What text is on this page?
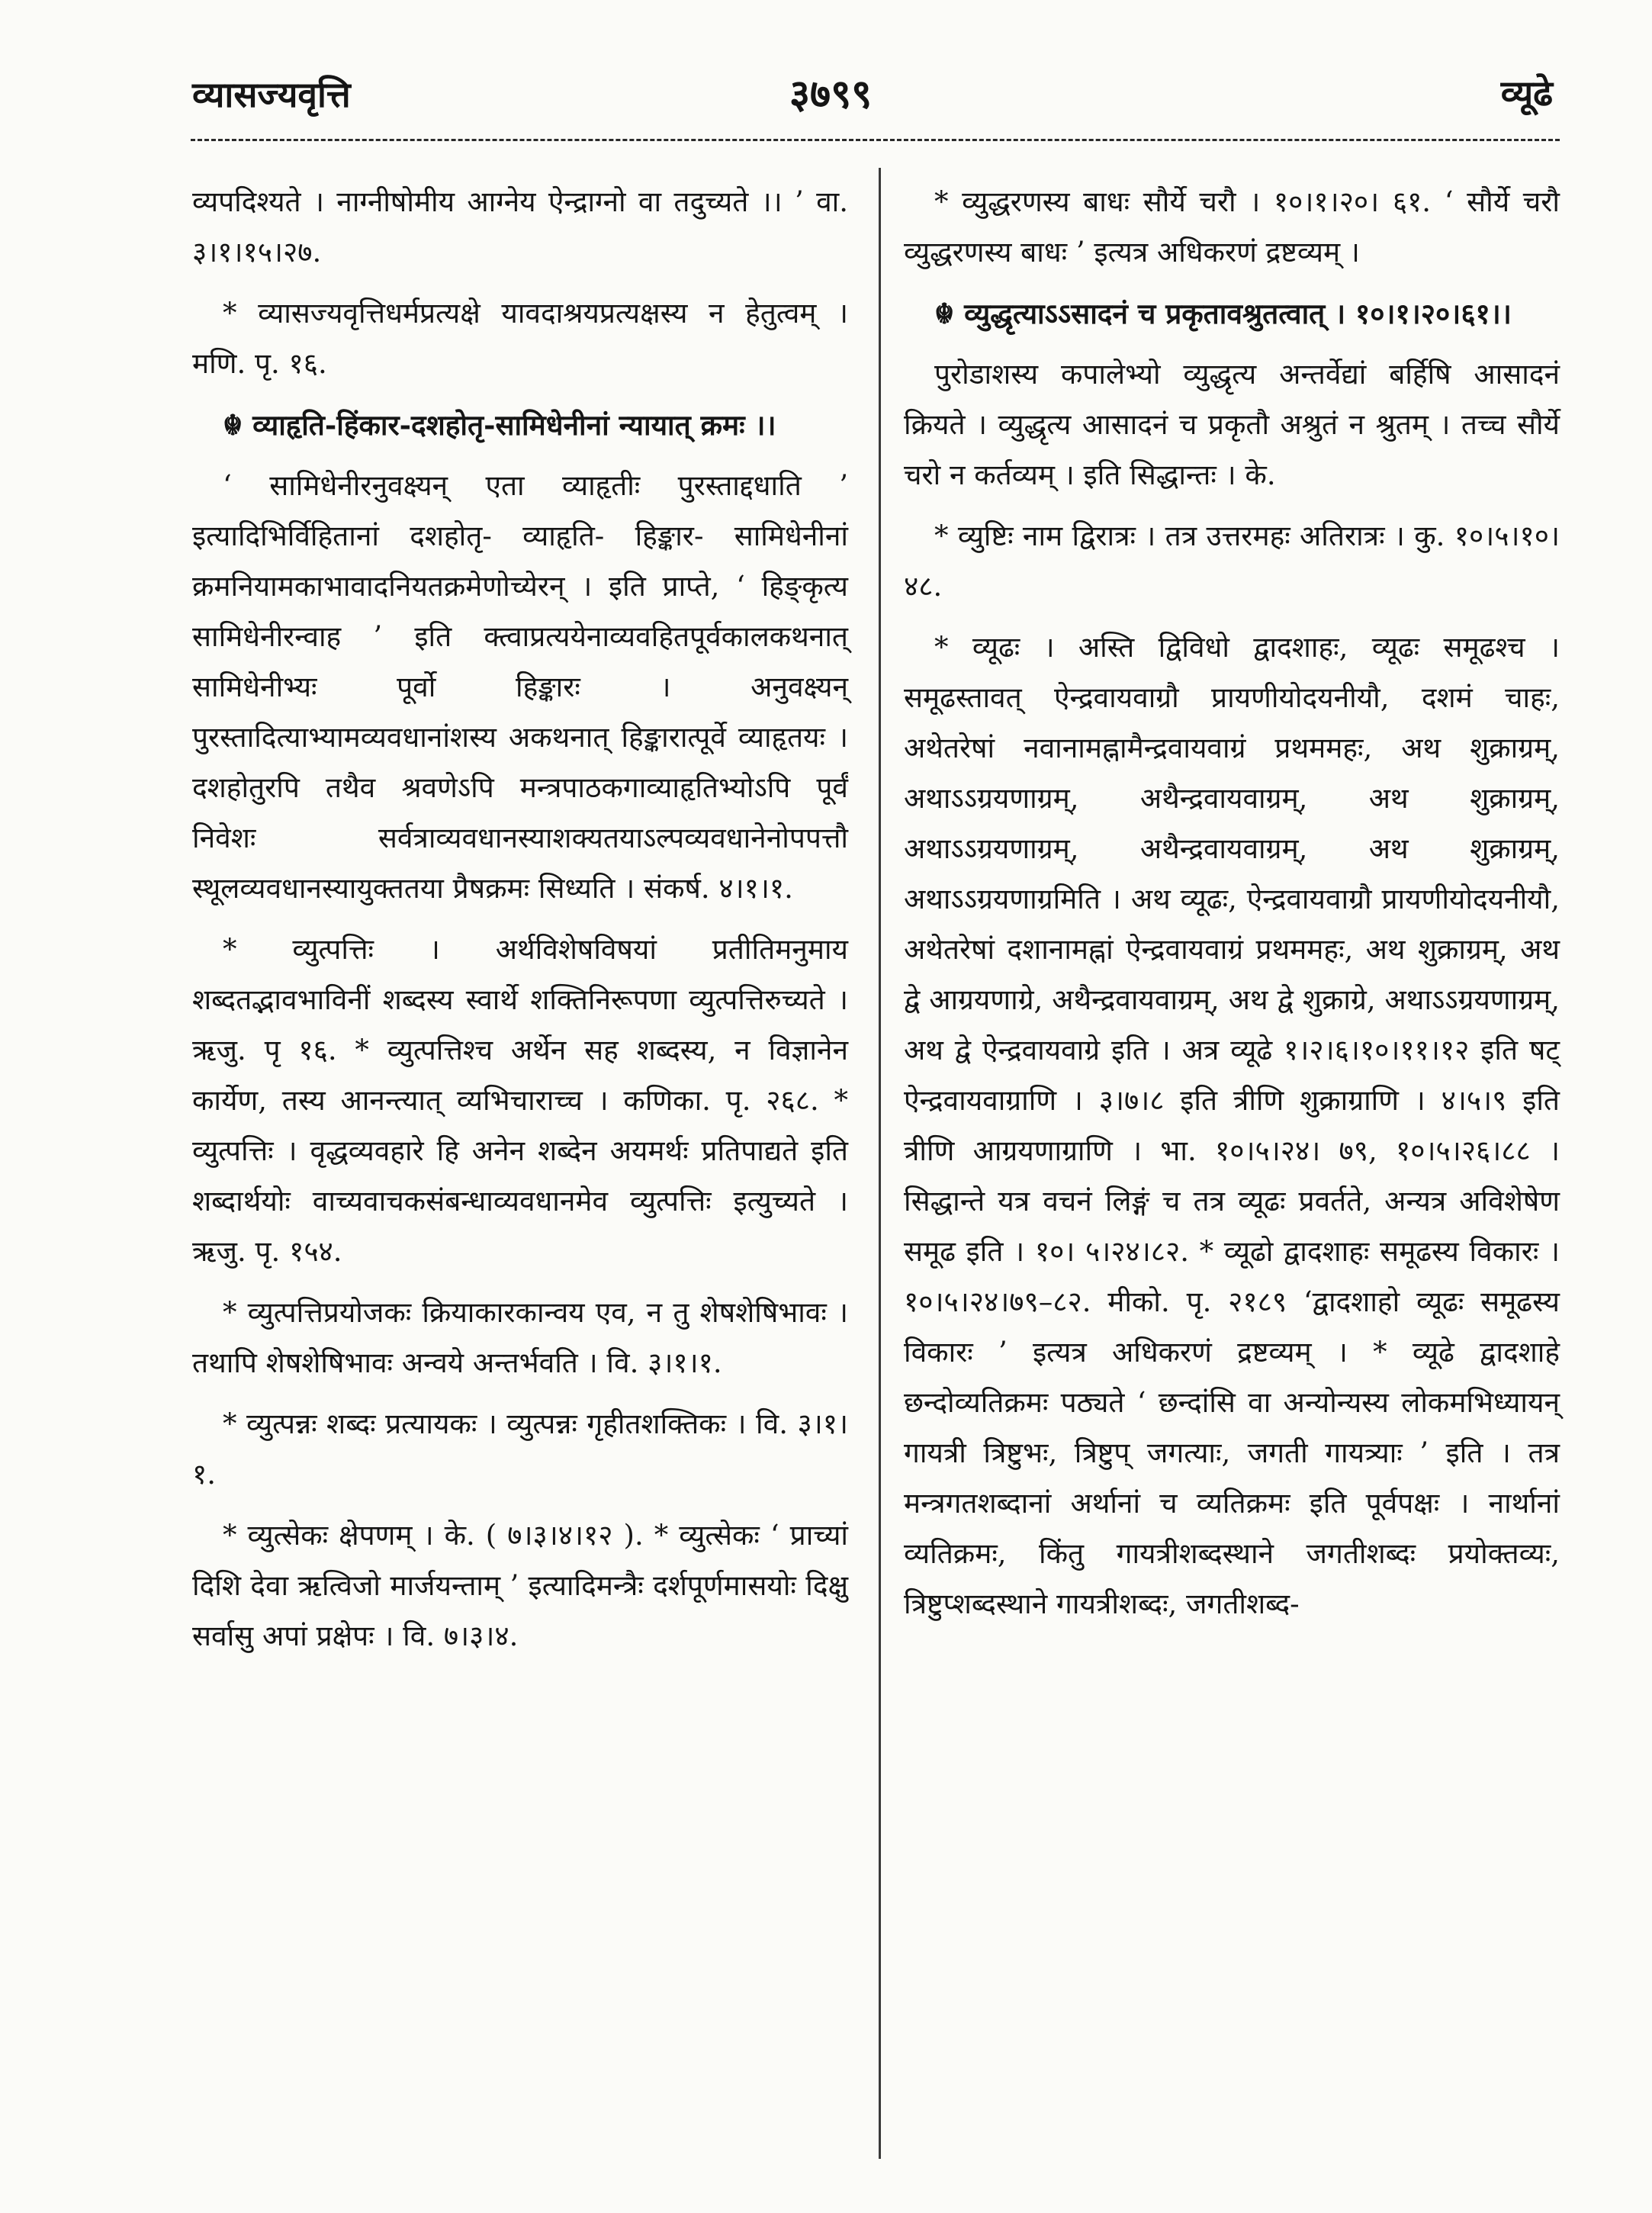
व्यासज्यवृत्ति	३७९९	व्यूढे

व्यपदिश्यते । नाग्नीषोमीय आग्नेय ऐन्द्राग्नो वा तदुच्यते ।। ’ वा. ३।१।१५।२७.

* व्यासज्यवृत्तिधर्मप्रत्यक्षे यावदाश्रयप्रत्यक्षस्य न हेतुत्वम् । मणि. पृ. १६.

☬ व्याहृति-हिंकार-दशहोतृ-सामिधेनीनां न्यायात् क्रमः ।।

‘ सामिधेनीरनुवक्ष्यन् एता व्याहृतीः पुरस्ताद्दधाति ’ इत्यादिभिर्विहितानां दशहोतृ- व्याहृति- हिङ्कार- सामिधेनीनां क्रमनियामकाभावादनियतक्रमेणोच्येरन् । इति प्राप्ते, ‘ हिङ्कृत्य सामिधेनीरन्वाह ’ इति क्त्वाप्रत्ययेनाव्यवहितपूर्वकालकथनात् सामिधेनीभ्यः पूर्वो हिङ्कारः । अनुवक्ष्यन् पुरस्तादित्याभ्यामव्यवधानांशस्य अकथनात् हिङ्कारात्पूर्वे व्याहृतयः । दशहोतुरपि तथैव श्रवणेऽपि मन्त्रपाठकगाव्याहृतिभ्योऽपि पूर्वं निवेशः सर्वत्राव्यवधानस्याशक्यतयाऽल्पव्यवधानेनोपपत्तौ स्थूलव्यवधानस्यायुक्ततया प्रैषक्रमः सिध्यति । संकर्ष. ४।१।१.

* व्युत्पत्तिः । अर्थविशेषविषयां प्रतीतिमनुमाय शब्दतद्भावभाविनीं शब्दस्य स्वार्थे शक्तिनिरूपणा व्युत्पत्तिरुच्यते । ऋजु. पृ १६. * व्युत्पत्तिश्च अर्थेन सह शब्दस्य, न विज्ञानेन कार्येण, तस्य आनन्त्यात् व्यभिचाराच्च । कणिका. पृ. २६८. * व्युत्पत्तिः । वृद्धव्यवहारे हि अनेन शब्देन अयमर्थः प्रतिपाद्यते इति शब्दार्थयोः वाच्यवाचकसंबन्धाव्यवधानमेव व्युत्पत्तिः इत्युच्यते । ऋजु. पृ. १५४.

* व्युत्पत्तिप्रयोजकः क्रियाकारकान्वय एव, न तु शेषशेषिभावः । तथापि शेषशेषिभावः अन्वये अन्तर्भवति । वि. ३।१।१.

* व्युत्पन्नः शब्दः प्रत्यायकः । व्युत्पन्नः गृहीतशक्तिकः । वि. ३।१।१.

* व्युत्सेकः क्षेपणम् । के. ( ७।३।४।१२ ). * व्युत्सेकः ‘ प्राच्यां दिशि देवा ऋत्विजो मार्जयन्ताम् ’ इत्यादिमन्त्रैः दर्शपूर्णमासयोः दिक्षु सर्वासु अपां प्रक्षेपः । वि. ७।३।४.

* व्युद्धरणस्य बाधः सौर्ये चरौ । १०।१।२०। ६१. ‘ सौर्ये चरौ व्युद्धरणस्य बाधः ’ इत्यत्र अधिकरणं द्रष्टव्यम् ।

☬ व्युद्धृत्याऽऽसादनं च प्रकृतावश्रुतत्वात् । १०।१।२०।६१।।

पुरोडाशस्य कपालेभ्यो व्युद्धृत्य अन्तर्वेद्यां बर्हिषि आसादनं क्रियते । व्युद्धृत्य आसादनं च प्रकृतौ अश्रुतं न श्रुतम् । तच्च सौर्ये चरो न कर्तव्यम् । इति सिद्धान्तः । के.

* व्युष्टिः नाम द्विरात्रः । तत्र उत्तरमहः अतिरात्रः । कु. १०।५।१०।४८.

* व्यूढः । अस्ति द्विविधो द्वादशाहः, व्यूढः समूढश्च । समूढस्तावत् ऐन्द्रवायवाग्रौ प्रायणीयोदयनीयौ, दशमं चाहः, अथेतरेषां नवानामह्नामैन्द्रवायवाग्रं प्रथममहः, अथ शुक्राग्रम्, अथाऽऽग्रयणाग्रम्, अथैन्द्रवायवाग्रम्, अथ शुक्राग्रम्, अथाऽऽग्रयणाग्रम्, अथैन्द्रवायवाग्रम्, अथ शुक्राग्रम्, अथाऽऽग्रयणाग्रमिति । अथ व्यूढः, ऐन्द्रवायवाग्रौ प्रायणीयोदयनीयौ, अथेतरेषां दशानामह्नां ऐन्द्रवायवाग्रं प्रथममहः, अथ शुक्राग्रम्, अथ द्वे आग्रयणाग्रे, अथैन्द्रवायवाग्रम्, अथ द्वे शुक्राग्रे, अथाऽऽग्रयणाग्रम्, अथ द्वे ऐन्द्रवायवाग्रे इति । अत्र व्यूढे १।२।६।१०।११।१२ इति षट् ऐन्द्रवायवाग्राणि । ३।७।८ इति त्रीणि शुक्राग्राणि । ४।५।९ इति त्रीणि आग्रयणाग्राणि । भा. १०।५।२४। ७९, १०।५।२६।८८ । सिद्धान्ते यत्र वचनं लिङ्गं च तत्र व्यूढः प्रवर्तते, अन्यत्र अविशेषेण समूढ इति । १०। ५।२४।८२. * व्यूढो द्वादशाहः समूढस्य विकारः । १०।५।२४।७९–८२. मीको. पृ. २१८९ ‘द्वादशाहो व्यूढः समूढस्य विकारः ’ इत्यत्र अधिकरणं द्रष्टव्यम् । * व्यूढे द्वादशाहे छन्दोव्यतिक्रमः पठ्यते ‘ छन्दांसि वा अन्योन्यस्य लोकमभिध्यायन् गायत्री त्रिष्टुभः, त्रिष्टुप् जगत्याः, जगती गायत्र्याः ’ इति । तत्र मन्त्रगतशब्दानां अर्थानां च व्यतिक्रमः इति पूर्वपक्षः । नार्थानां व्यतिक्रमः, किंतु गायत्रीशब्दस्थाने जगतीशब्दः प्रयोक्तव्यः, त्रिष्टुप्शब्दस्थाने गायत्रीशब्दः, जगतीशब्द-
